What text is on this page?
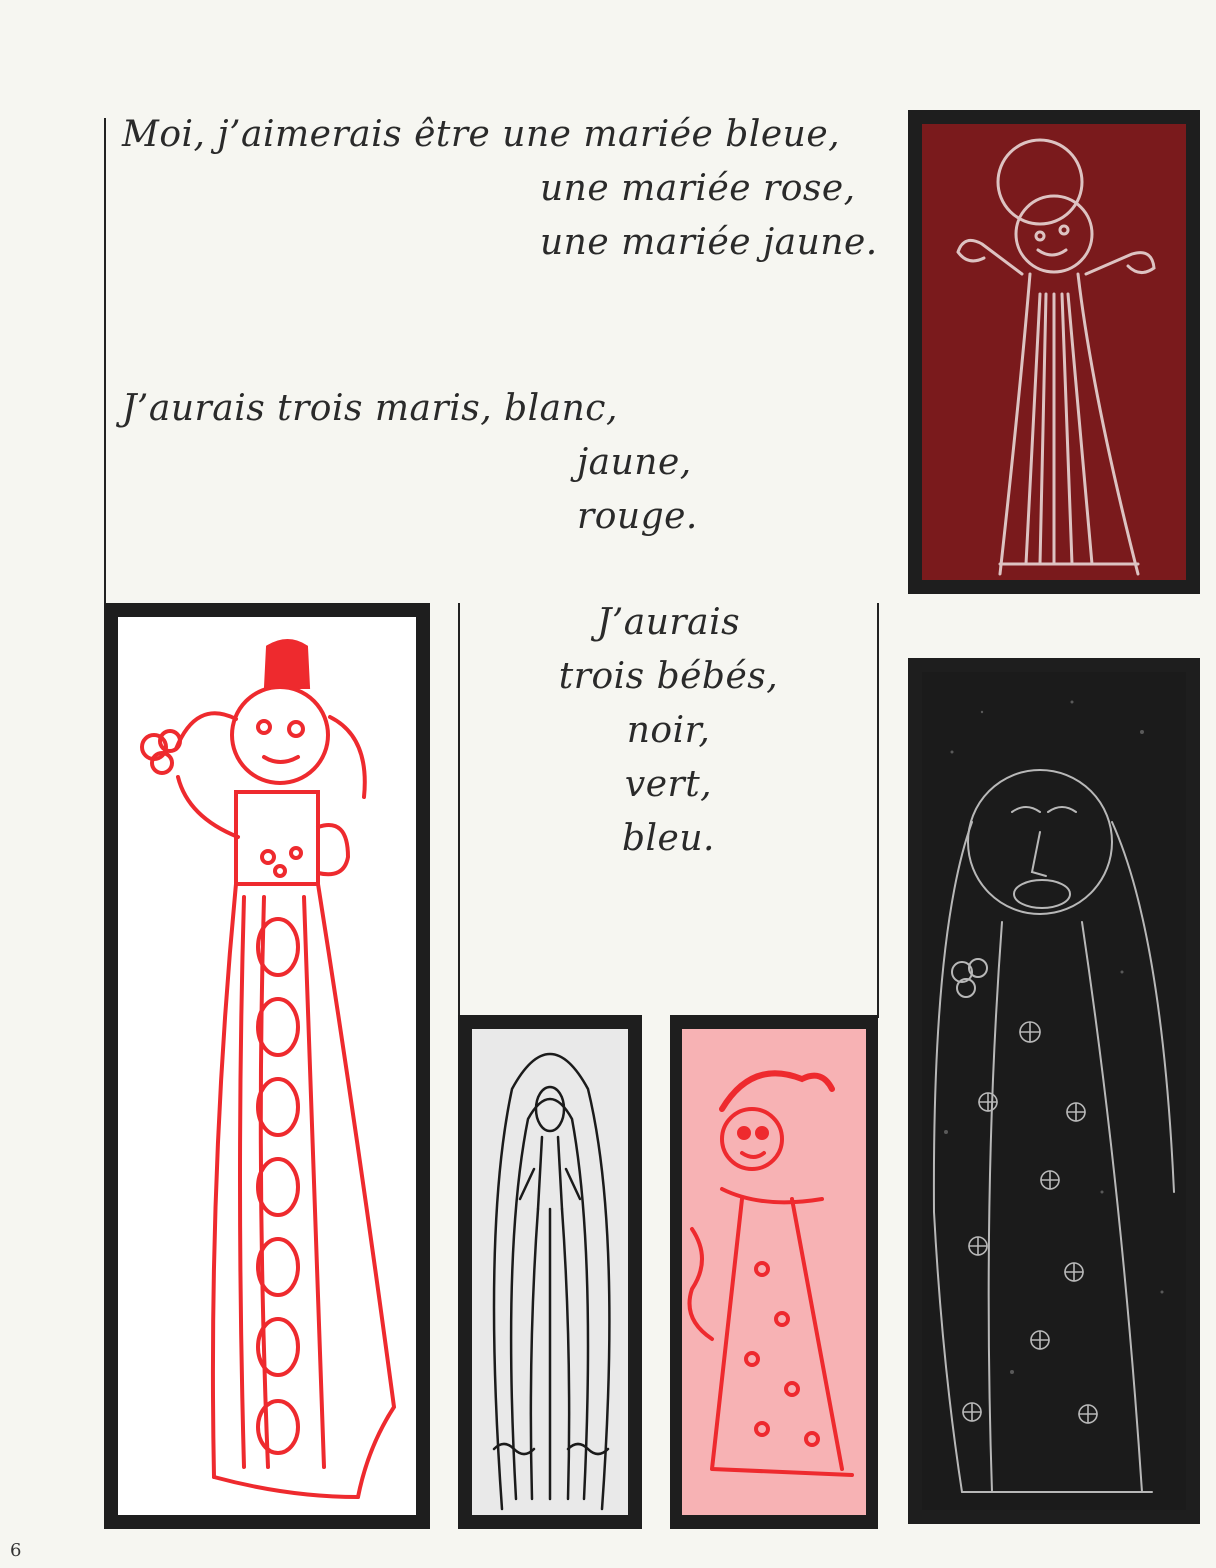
Moi, j’aimerais être une mariée bleue,
une mariée rose,
une mariée jaune.
J’aurais trois maris, blanc,
jaune,
rouge.
J’aurais
trois bébés,
noir,
vert,
bleu.
6
